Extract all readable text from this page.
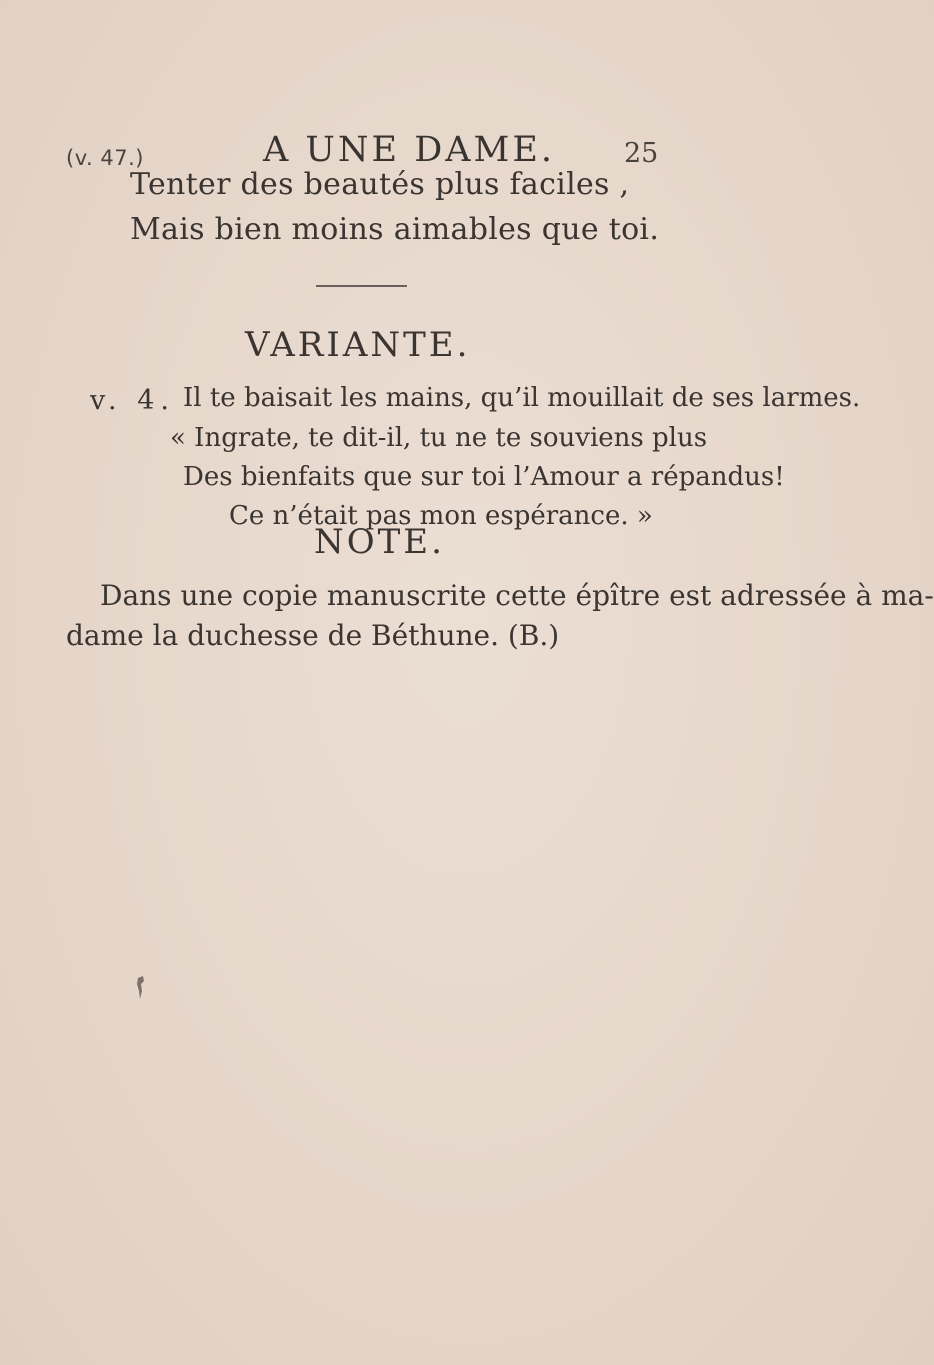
(v. 47.)	A UNE DAME.	25
Tenter des beautés plus faciles ,
Mais bien moins aimables que toi.
VARIANTE.
v. 4. Il te baisait les mains, qu’il mouillait de ses larmes.
« Ingrate, te dit-il, tu ne te souviens plus
Des bienfaits que sur toi l’Amour a répandus!
Ce n’était pas mon espérance. »
NOTE.
Dans une copie manuscrite cette épître est adressée à ma-
dame la duchesse de Béthune. (B.)
